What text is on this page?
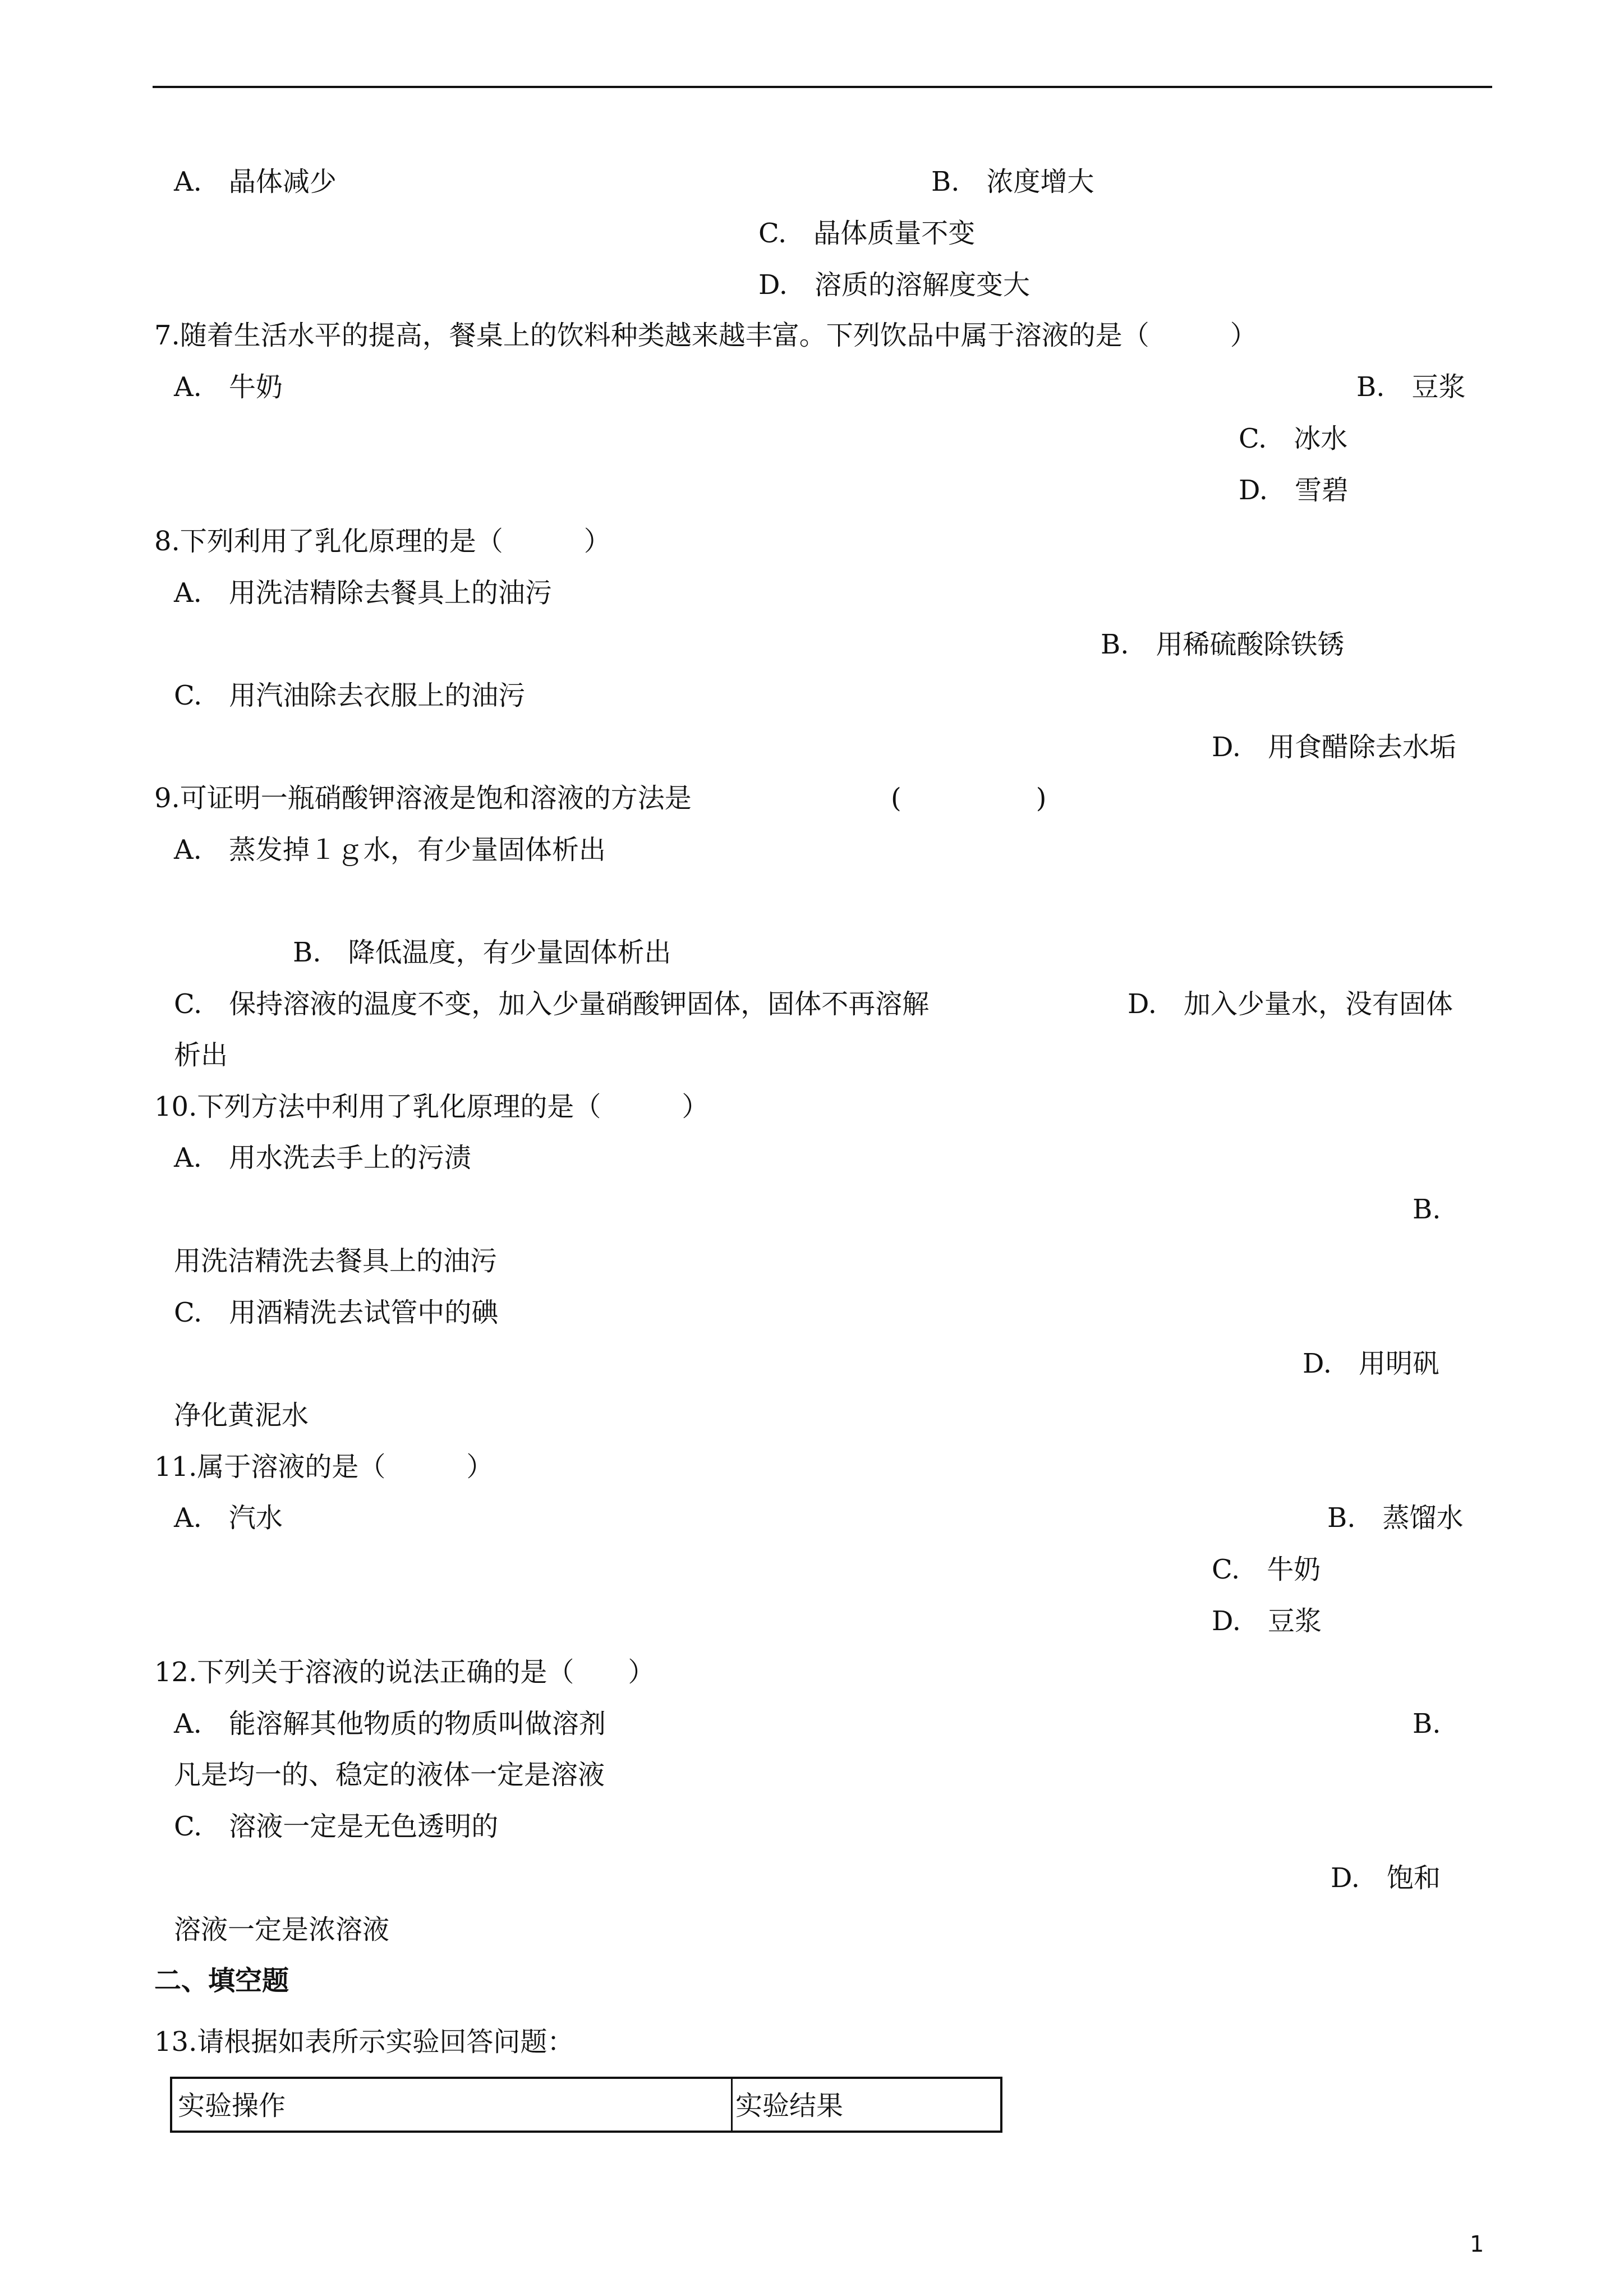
A.　晶体减少	B.　浓度增大
C.　晶体质量不变
D.　溶质的溶解度变大
7.随着生活水平的提高，餐桌上的饮料种类越来越丰富。下列饮品中属于溶液的是（　　　）
A.　牛奶	B.　豆浆
C.　冰水
D.　雪碧
8.下列利用了乳化原理的是（　　　）
A.　用洗洁精除去餐具上的油污
B.　用稀硫酸除铁锈
C.　用汽油除去衣服上的油污
D.　用食醋除去水垢
9.可证明一瓶硝酸钾溶液是饱和溶液的方法是	(　　　　　)
A.　蒸发掉１ｇ水，有少量固体析出
B.　降低温度，有少量固体析出
C.　保持溶液的温度不变，加入少量硝酸钾固体，固体不再溶解	D.　加入少量水，没有固体
析出
10.下列方法中利用了乳化原理的是（　　　）
A.　用水洗去手上的污渍
B.
用洗洁精洗去餐具上的油污
C.　用酒精洗去试管中的碘
D.　用明矾
净化黄泥水
11.属于溶液的是（　　　）
A.　汽水	B.　蒸馏水
C.　牛奶
D.　豆浆
12.下列关于溶液的说法正确的是（　　）
A.　能溶解其他物质的物质叫做溶剂	B.
凡是均一的、稳定的液体一定是溶液
C.　溶液一定是无色透明的
D.　饱和
溶液一定是浓溶液
二、填空题
13.请根据如表所示实验回答问题：
实验操作	实验结果
1
